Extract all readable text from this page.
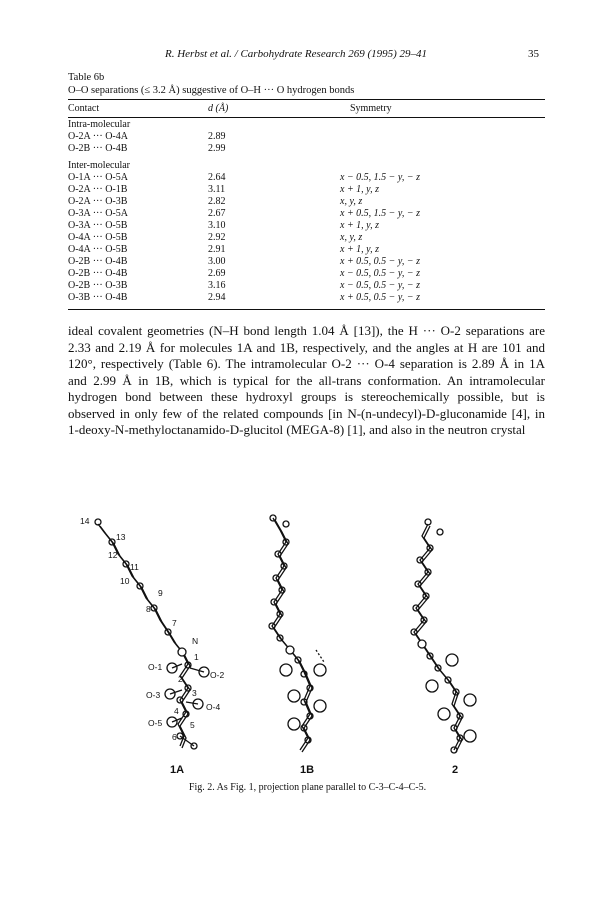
R. Herbst et al. / Carbohydrate Research 269 (1995) 29–41	35
Table 6b
O–O separations (≤ 3.2 Å) suggestive of O–H ··· O hydrogen bonds
Contact	d (Å)	Symmetry
Intra-molecular
O-2A ··· O-4A	2.89
O-2B ··· O-4B	2.99
Inter-molecular
O-1A ··· O-5A	2.64	x − 0.5, 1.5 − y, − z
O-2A ··· O-1B	3.11	x + 1, y, z
O-2A ··· O-3B	2.82	x, y, z
O-3A ··· O-5A	2.67	x + 0.5, 1.5 − y, − z
O-3A ··· O-5B	3.10	x + 1, y, z
O-4A ··· O-5B	2.92	x, y, z
O-4A ··· O-5B	2.91	x + 1, y, z
O-2B ··· O-4B	3.00	x + 0.5, 0.5 − y, − z
O-2B ··· O-4B	2.69	x − 0.5, 0.5 − y, − z
O-2B ··· O-3B	3.16	x − 0.5, 0.5 − y, − z
O-3B ··· O-4B	2.94	x + 0.5, 0.5 − y, − z
ideal covalent geometries (N–H bond length 1.04 Å [13]), the H ··· O-2 separations are
2.33 and 2.19 Å for molecules 1A and 1B, respectively, and the angles at H are 101 and
120°, respectively (Table 6). The intramolecular O-2 ··· O-4 separation is 2.89 Å in 1A
and 2.99 Å in 1B, which is typical for the all-trans conformation. An intramolecular
hydrogen bond between these hydroxyl groups is stereochemically possible, but is
observed in only few of the related compounds [in N-(n-undecyl)-D-gluconamide [4], in
1-deoxy-N-methyloctanamido-D-glucitol (MEGA-8) [1], and also in the neutron crystal
14
13
12
11
10
9
8
7
N
1
O-1
O-2
2
O-3	3
4	O-4
O-5	5
6
1A	1B	2
Fig. 2. As Fig. 1, projection plane parallel to C-3–C-4–C-5.
